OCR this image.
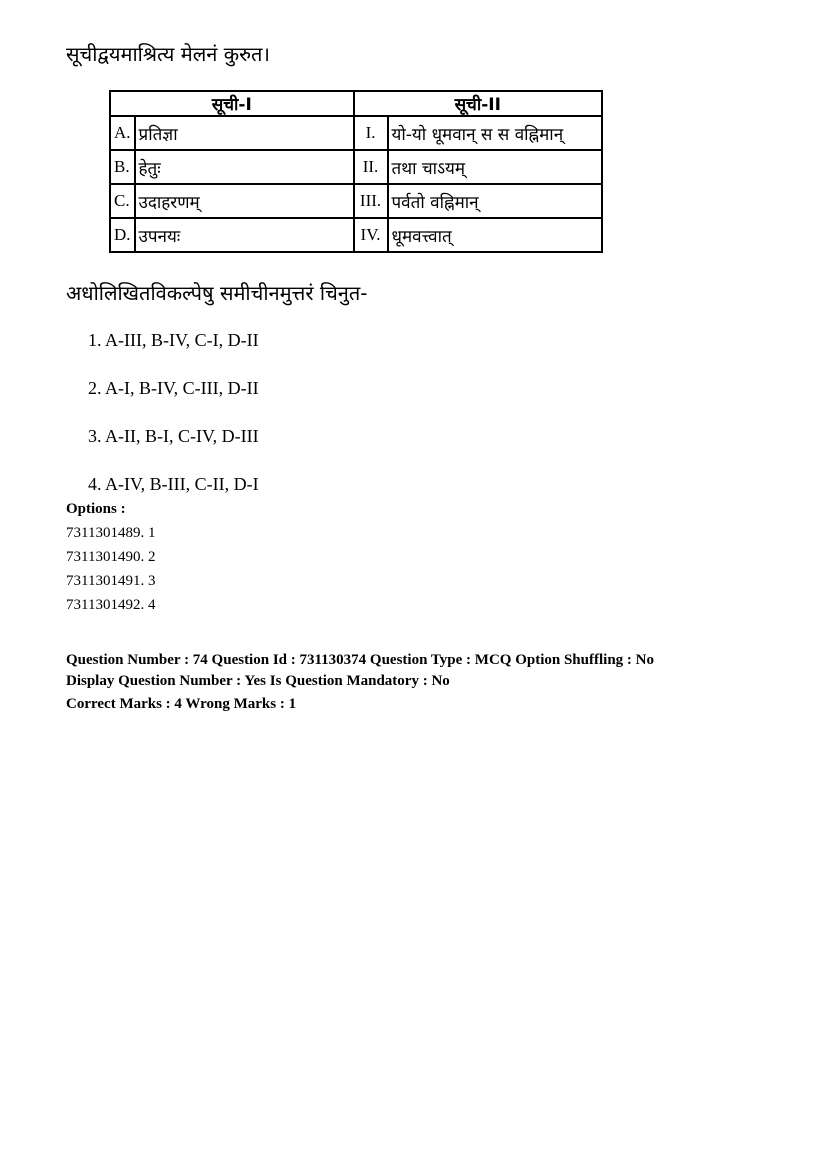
सूचीद्वयमाश्रित्य मेलनं कुरुत।
सूची-I		सूची-II	
A.	प्रतिज्ञा	I.	यो-यो धूमवान् स स वह्निमान्
B.	हेतुः	II.	तथा चाऽयम्
C.	उदाहरणम्	III.	पर्वतो वह्निमान्
D.	उपनयः	IV.	धूमवत्त्वात्
अधोलिखितविकल्पेषु समीचीनमुत्तरं चिनुत-
1. A-III, B-IV, C-I, D-II
2. A-I, B-IV, C-III, D-II
3. A-II, B-I, C-IV, D-III
4. A-IV, B-III, C-II, D-I
Options :
7311301489. 1
7311301490. 2
7311301491. 3
7311301492. 4
Question Number : 74 Question Id : 731130374 Question Type : MCQ Option Shuffling : No
Display Question Number : Yes Is Question Mandatory : No
Correct Marks : 4 Wrong Marks : 1
